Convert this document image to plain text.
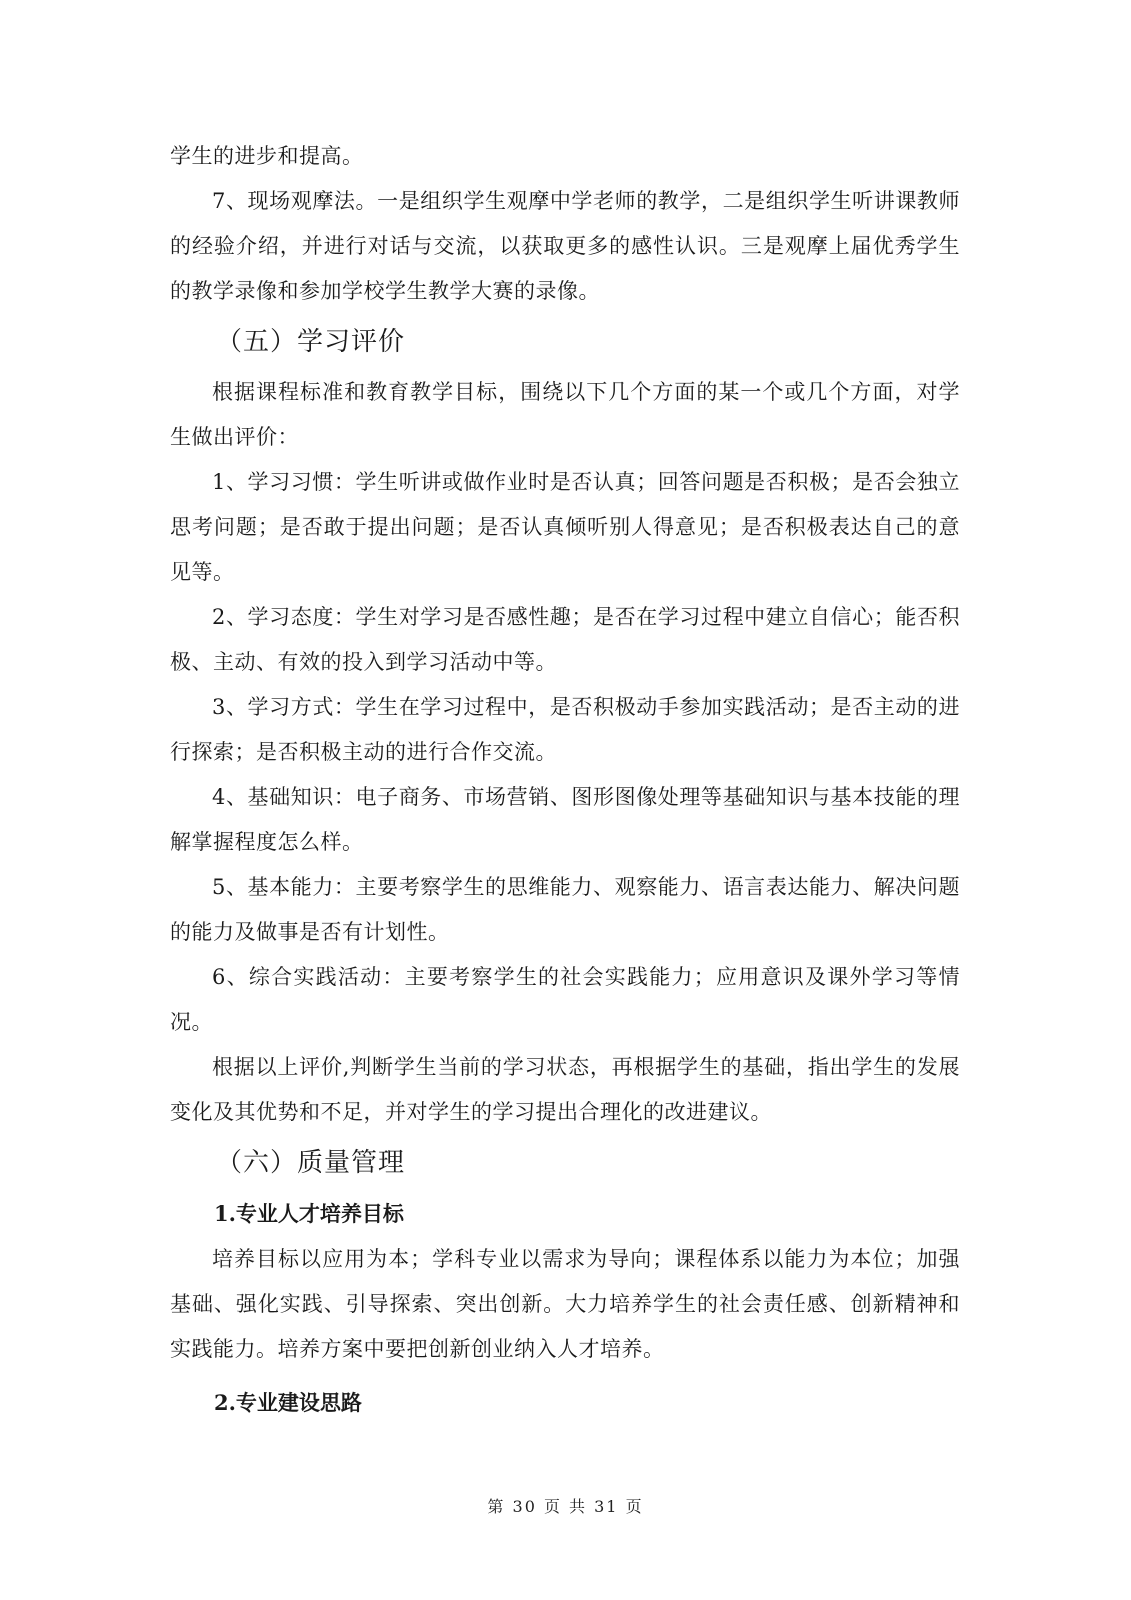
学生的进步和提高。

7、现场观摩法。一是组织学生观摩中学老师的教学，二是组织学生听讲课教师的经验介绍，并进行对话与交流，以获取更多的感性认识。三是观摩上届优秀学生的教学录像和参加学校学生教学大赛的录像。

（五）学习评价

根据课程标准和教育教学目标，围绕以下几个方面的某一个或几个方面，对学生做出评价：

1、学习习惯：学生听讲或做作业时是否认真；回答问题是否积极；是否会独立思考问题；是否敢于提出问题；是否认真倾听别人得意见；是否积极表达自己的意见等。

2、学习态度：学生对学习是否感性趣；是否在学习过程中建立自信心；能否积极、主动、有效的投入到学习活动中等。

3、学习方式：学生在学习过程中，是否积极动手参加实践活动；是否主动的进行探索；是否积极主动的进行合作交流。

4、基础知识：电子商务、市场营销、图形图像处理等基础知识与基本技能的理解掌握程度怎么样。

5、基本能力：主要考察学生的思维能力、观察能力、语言表达能力、解决问题的能力及做事是否有计划性。

6、综合实践活动：主要考察学生的社会实践能力；应用意识及课外学习等情况。

根据以上评价,判断学生当前的学习状态，再根据学生的基础，指出学生的发展变化及其优势和不足，并对学生的学习提出合理化的改进建议。

（六）质量管理
1.专业人才培养目标

培养目标以应用为本；学科专业以需求为导向；课程体系以能力为本位；加强基础、强化实践、引导探索、突出创新。大力培养学生的社会责任感、创新精神和实践能力。培养方案中要把创新创业纳入人才培养。

2.专业建设思路
第 30 页 共 31 页
